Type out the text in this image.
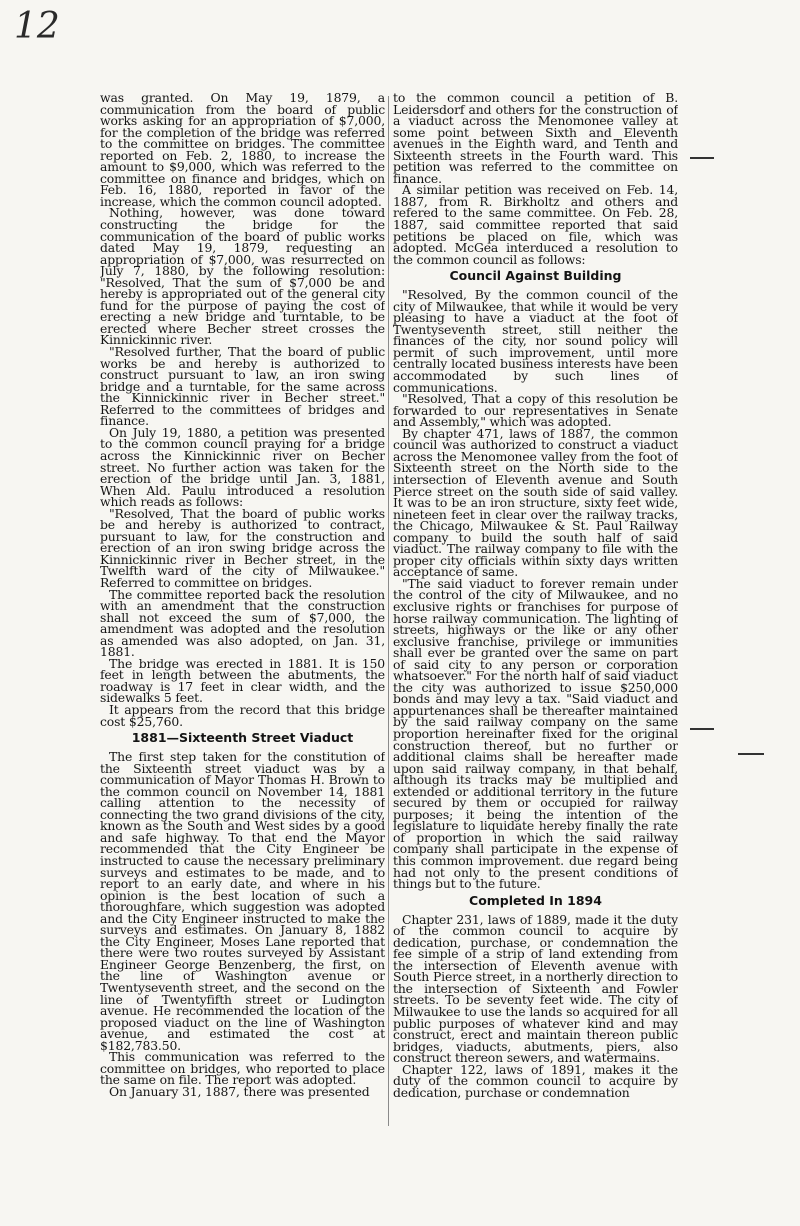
12

was granted. On May 19, 1879, a communication from the board of public works asking for an appropriation of $7,000, for the completion of the bridge was referred to the committee on bridges. The committee reported on Feb. 2, 1880, to increase the amount to $9,000, which was referred to the committee on finance and bridges, which on Feb. 16, 1880, reported in favor of the increase, which the common council adopted.

Nothing, however, was done toward constructing the bridge for the communication of the board of public works dated May 19, 1879, requesting an appropriation of $7,000, was resurrected on July 7, 1880, by the following resolution: "Resolved, That the sum of $7,000 be and hereby is appropriated out of the general city fund for the purpose of paying the cost of erecting a new bridge and turntable, to be erected where Becher street crosses the Kinnickinnic river.

"Resolved further, That the board of public works be and hereby is authorized to construct pursuant to law, an iron swing bridge and a turntable, for the same across the Kinnickinnic river in Becher street." Referred to the committees of bridges and finance.

On July 19, 1880, a petition was presented to the common council praying for a bridge across the Kinnickinnic river on Becher street. No further action was taken for the erection of the bridge until Jan. 3, 1881, When Ald. Paulu introduced a resolution which reads as follows:

"Resolved, That the board of public works be and hereby is authorized to contract, pursuant to law, for the construction and erection of an iron swing bridge across the Kinnickinnic river in Becher street, in the Twelfth ward of the city of Milwaukee." Referred to committee on bridges.

The committee reported back the resolution with an amendment that the construction shall not exceed the sum of $7,000, the amendment was adopted and the resolution as amended was also adopted, on Jan. 31, 1881.

The bridge was erected in 1881. It is 150 feet in length between the abutments, the roadway is 17 feet in clear width, and the sidewalks 5 feet.

It appears from the record that this bridge cost $25,760.

1881—Sixteenth Street Viaduct

The first step taken for the constitution of the Sixteenth street viaduct was by a communication of Mayor Thomas H. Brown to the common council on November 14, 1881 calling attention to the necessity of connecting the two grand divisions of the city, known as the South and West sides by a good and safe highway. To that end the Mayor recommended that the City Engineer be instructed to cause the necessary preliminary surveys and estimates to be made, and to report to an early date, and where in his opinion is the best location of such a thoroughfare, which suggestion was adopted and the City Engineer instructed to make the surveys and estimates. On January 8, 1882 the City Engineer, Moses Lane reported that there were two routes surveyed by Assistant Engineer George Benzenberg, the first, on the line of Washington avenue or Twentyseventh street, and the second on the line of Twentyfifth street or Ludington avenue. He recommended the location of the proposed viaduct on the line of Washington avenue, and estimated the cost at $182,783.50.

This communication was referred to the committee on bridges, who reported to place the same on file. The report was adopted.

On January 31, 1887, there was presented

to the common council a petition of B. Leidersdorf and others for the construction of a viaduct across the Menomonee valley at some point between Sixth and Eleventh avenues in the Eighth ward, and Tenth and Sixteenth streets in the Fourth ward. This petition was referred to the committee on finance.

A similar petition was received on Feb. 14, 1887, from R. Birkholtz and others and refered to the same committee. On Feb. 28, 1887, said committee reported that said petitions be placed on file, which was adopted. McGea interduced a resolution to the common council as follows:

Council Against Building

"Resolved, By the common council of the city of Milwaukee, that while it would be very pleasing to have a viaduct at the foot of Twentyseventh street, still neither the finances of the city, nor sound policy will permit of such improvement, until more centrally located business interests have been accommodated by such lines of communications.

"Resolved, That a copy of this resolution be forwarded to our representatives in Senate and Assembly," which was adopted.

By chapter 471, laws of 1887, the common council was authorized to construct a viaduct across the Menomonee valley from the foot of Sixteenth street on the North side to the intersection of Eleventh avenue and South Pierce street on the south side of said valley. It was to be an iron structure, sixty feet wide, nineteen feet in clear over the railway tracks, the Chicago, Milwaukee & St. Paul Railway company to build the south half of said viaduct. The railway company to file with the proper city officials within sixty days written acceptance of same.

"The said viaduct to forever remain under the control of the city of Milwaukee, and no exclusive rights or franchises for purpose of horse railway communication. The lighting of streets, highways or the like or any other exclusive franchise, privilege or immunities shall ever be granted over the same on part of said city to any person or corporation whatsoever." For the north half of said viaduct the city was authorized to issue $250,000 bonds and may levy a tax. "Said viaduct and appurtenances shall be thereafter maintained by the said railway company on the same proportion hereinafter fixed for the original construction thereof, but no further or additional claims shall be hereafter made upon said railway company, in that behalf, although its tracks may be multiplied and extended or additional territory in the future secured by them or occupied for railway purposes; it being the intention of the legislature to liquidate hereby finally the rate of proportion in which the said railway company shall participate in the expense of this common improvement. due regard being had not only to the present conditions of things but to the future.

Completed In 1894

Chapter 231, laws of 1889, made it the duty of the common council to acquire by dedication, purchase, or condemnation the fee simple of a strip of land extending from the intersection of Eleventh avenue with South Pierce street, in a northerly direction to the intersection of Sixteenth and Fowler streets. To be seventy feet wide. The city of Milwaukee to use the lands so acquired for all public purposes of whatever kind and may construct, erect and maintain thereon public bridges, viaducts, abutments, piers, also construct thereon sewers, and watermains.

Chapter 122, laws of 1891, makes it the duty of the common council to acquire by dedication, purchase or condemnation
